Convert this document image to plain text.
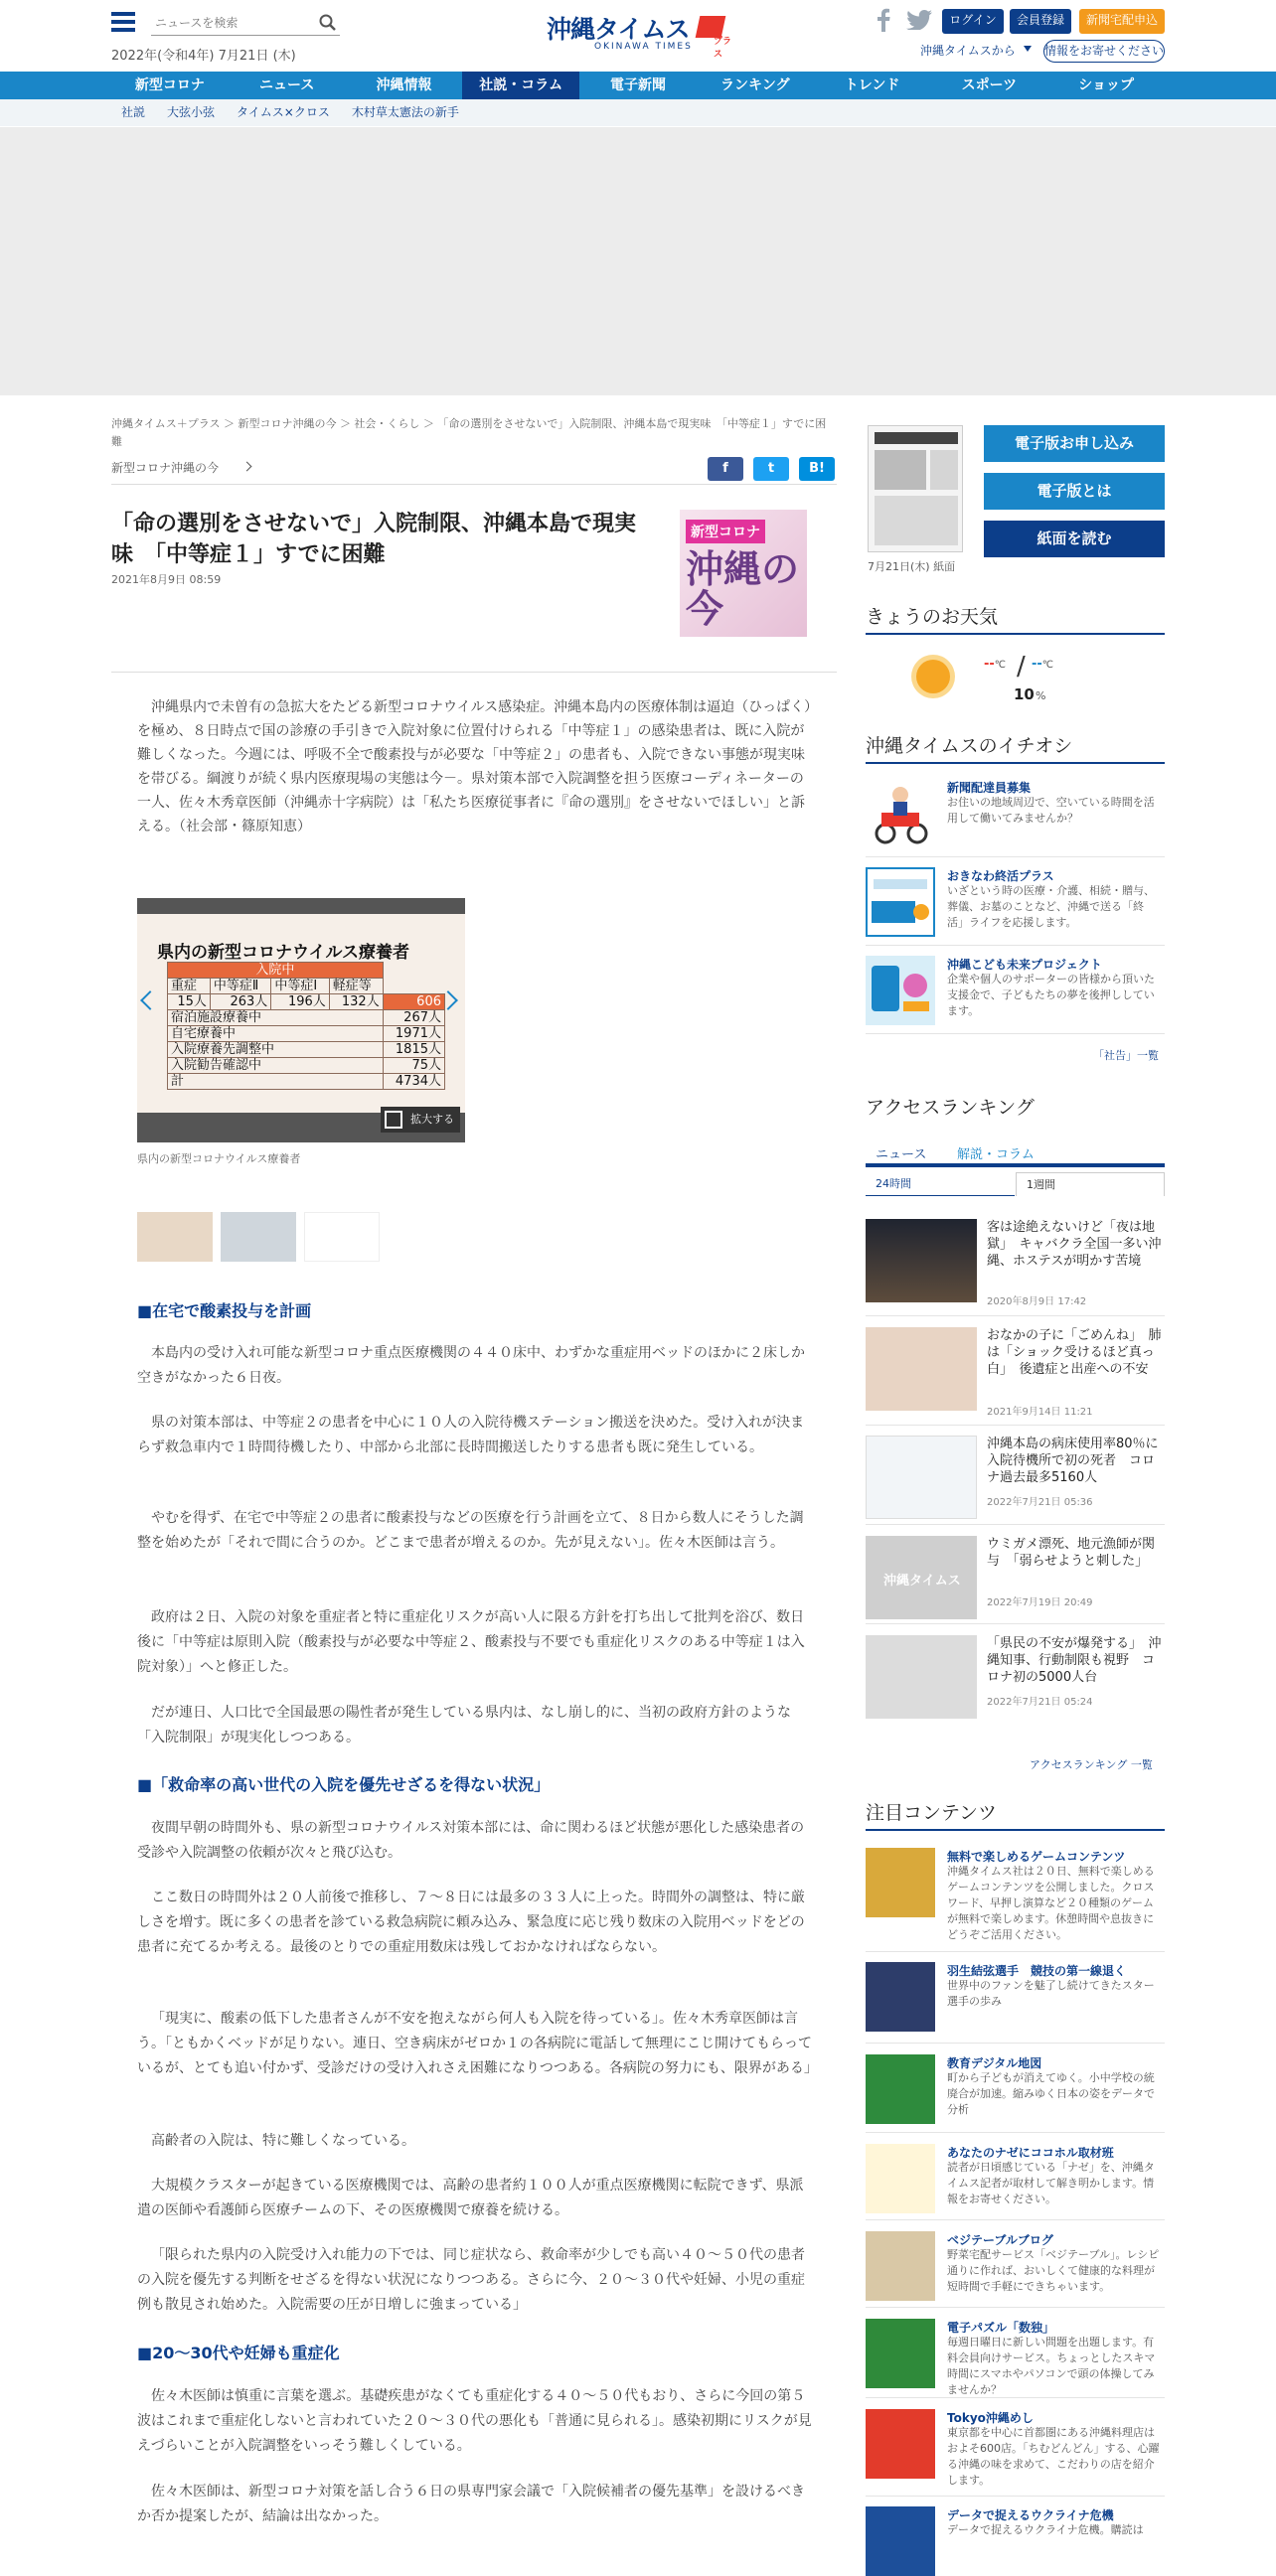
ニュースを検索
2022年(令和4年) 7月21日 (木)
沖縄タイムス	プラス
OKINAWA TIMES
ログイン	会員登録	新聞宅配申込
沖縄タイムスから 情報をお寄せください
新型コロナ	ニュース	沖縄情報	社説・コラム	電子新聞	ランキング	トレンド	スポーツ	ショップ
社説 大弦小弦 タイムス×クロス 木村草太憲法の新手
沖縄タイムス＋プラス ＞ 新型コロナ沖縄の今 ＞ 社会・くらし ＞ 「命の選別をさせないで」入院制限、沖縄本島で現実味　「中等症１」すでに困難
新型コロナ沖縄の今	f	t	B!
「命の選別をさせないで」入院制限、沖縄本島で現実味　「中等症１」すでに困難
2021年8月9日 08:59
新型コロナ
沖縄の今

沖縄県内で未曽有の急拡大をたどる新型コロナウイルス感染症。沖縄本島内の医療体制は逼迫（ひっぱく）を極め、８日時点で国の診療の手引きで入院対象に位置付けられる「中等症１」の感染患者は、既に入院が難しくなった。今週には、呼吸不全で酸素投与が必要な「中等症２」の患者も、入院できない事態が現実味を帯びる。綱渡りが続く県内医療現場の実態は今－。県対策本部で入院調整を担う医療コーディネーターの一人、佐々木秀章医師（沖縄赤十字病院）は「私たち医療従事者に『命の選別』をさせないでほしい」と訴える。（社会部・篠原知恵）

県内の新型コロナウイルス療養者
入院中				
重症	中等症Ⅱ	中等症Ⅰ	軽症等	
15人	263人	196人	132人	606
宿泊施設療養中				267人
自宅療養中				1971人
入院療養先調整中				1815人
入院勧告確認中				75人
計				4734人
拡大する
県内の新型コロナウイルス療養者
■在宅で酸素投与を計画

本島内の受け入れ可能な新型コロナ重点医療機関の４４０床中、わずかな重症用ベッドのほかに２床しか空きがなかった６日夜。

県の対策本部は、中等症２の患者を中心に１０人の入院待機ステーション搬送を決めた。受け入れが決まらず救急車内で１時間待機したり、中部から北部に長時間搬送したりする患者も既に発生している。

やむを得ず、在宅で中等症２の患者に酸素投与などの医療を行う計画を立て、８日から数人にそうした調整を始めたが「それで間に合うのか。どこまで患者が増えるのか。先が見えない」。佐々木医師は言う。

政府は２日、入院の対象を重症者と特に重症化リスクが高い人に限る方針を打ち出して批判を浴び、数日後に「中等症は原則入院（酸素投与が必要な中等症２、酸素投与不要でも重症化リスクのある中等症１は入院対象）」へと修正した。

だが連日、人口比で全国最悪の陽性者が発生している県内は、なし崩し的に、当初の政府方針のような「入院制限」が現実化しつつある。

■「救命率の高い世代の入院を優先せざるを得ない状況」

夜間早朝の時間外も、県の新型コロナウイルス対策本部には、命に関わるほど状態が悪化した感染患者の受診や入院調整の依頼が次々と飛び込む。

ここ数日の時間外は２０人前後で推移し、７～８日には最多の３３人に上った。時間外の調整は、特に厳しさを増す。既に多くの患者を診ている救急病院に頼み込み、緊急度に応じ残り数床の入院用ベッドをどの患者に充てるか考える。最後のとりでの重症用数床は残しておかなければならない。

「現実に、酸素の低下した患者さんが不安を抱えながら何人も入院を待っている」。佐々木秀章医師は言う。「ともかくベッドが足りない。連日、空き病床がゼロか１の各病院に電話して無理にこじ開けてもらっているが、とても追い付かず、受診だけの受け入れさえ困難になりつつある。各病院の努力にも、限界がある」

高齢者の入院は、特に難しくなっている。

大規模クラスターが起きている医療機関では、高齢の患者約１００人が重点医療機関に転院できず、県派遣の医師や看護師ら医療チームの下、その医療機関で療養を続ける。

「限られた県内の入院受け入れ能力の下では、同じ症状なら、救命率が少しでも高い４０～５０代の患者の入院を優先する判断をせざるを得ない状況になりつつある。さらに今、２０～３０代や妊婦、小児の重症例も散見され始めた。入院需要の圧が日増しに強まっている」

■20～30代や妊婦も重症化

佐々木医師は慎重に言葉を選ぶ。基礎疾患がなくても重症化する４０～５０代もおり、さらに今回の第５波はこれまで重症化しないと言われていた２０～３０代の悪化も「普通に見られる」。感染初期にリスクが見えづらいことが入院調整をいっそう難しくしている。

佐々木医師は、新型コロナ対策を話し合う６日の県専門家会議で「入院候補者の優先基準」を設けるべきか否か提案したが、結論は出なかった。

7月21日(木) 紙面
電子版お申し込み
電子版とは
紙面を読む
きょうのお天気
--℃ / --℃
10 %
沖縄タイムスのイチオシ
新聞配達員募集
お住いの地域周辺で、空いている時間を活用して働いてみませんか？
おきなわ終活プラス
いざという時の医療・介護、相続・贈与、葬儀、お墓のことなど、沖縄で送る「終活」ライフを応援します。
沖縄こども未来プロジェクト
企業や個人のサポーターの皆様から頂いた支援金で、子どもたちの夢を後押ししています。
「社告」一覧
アクセスランキング
ニュース 解説・コラム
24時間	1週間
客は途絶えないけど「夜は地獄」　キャバクラ全国一多い沖縄、ホステスが明かす苦境
2020年8月9日 17:42
おなかの子に「ごめんね」　肺は「ショック受けるほど真っ白」　後遺症と出産への不安
2021年9月14日 11:21
沖縄本島の病床使用率80％に　入院待機所で初の死者　コロナ過去最多5160人
2022年7月21日 05:36
沖縄タイムス
ウミガメ漂死、地元漁師が関与　「弱らせようと刺した」
2022年7月19日 20:49
「県民の不安が爆発する」　沖縄知事、行動制限も視野　コロナ初の5000人台
2022年7月21日 05:24
アクセスランキング 一覧
注目コンテンツ
無料で楽しめるゲームコンテンツ
沖縄タイムス社は２０日、無料で楽しめるゲームコンテンツを公開しました。クロスワード、早押し演算など２０種類のゲームが無料で楽しめます。休憩時間や息抜きにどうぞご活用ください。
羽生結弦選手　競技の第一線退く
世界中のファンを魅了し続けてきたスター選手の歩み
教育デジタル地図
町から子どもが消えてゆく。小中学校の統廃合が加速。縮みゆく日本の姿をデータで分析
あなたのナゼにココホル取材班
読者が日頃感じている「ナゼ」を、沖縄タイムス記者が取材して解き明かします。情報をお寄せください。
ベジテーブルブログ
野菜宅配サービス「ベジテーブル」。レシピ通りに作れば、おいしくて健康的な料理が短時間で手軽にできちゃいます。
電子パズル「数独」
毎週日曜日に新しい問題を出題します。有料会員向けサービス。ちょっとしたスキマ時間にスマホやパソコンで頭の体操してみませんか？
Tokyo沖縄めし
東京都を中心に首都圏にある沖縄料理店はおよそ600店。「ちむどんどん」する、心躍る沖縄の味を求めて、こだわりの店を紹介します。
データで捉えるウクライナ危機
データで捉えるウクライナ危機。購読は
